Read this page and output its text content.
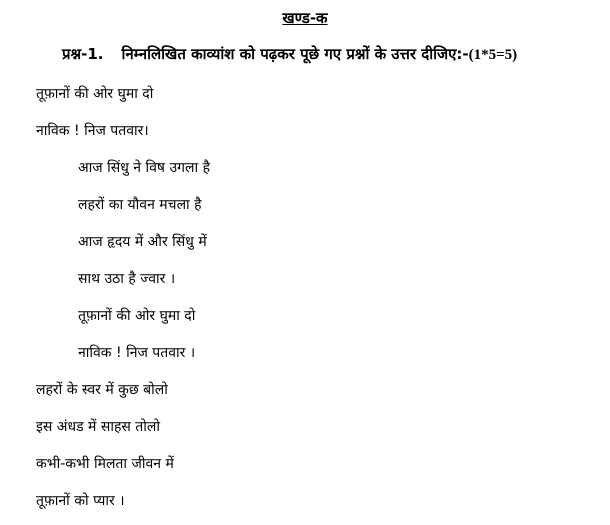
खण्ड-क
प्रश्न-1. निम्नलिखित काव्यांश को पढ़कर पूछे गए प्रश्नों के उत्तर दीजिए:-(1*5=5)
तूफ़ानों की ओर घुमा दो
नाविक ! निज पतवार।
आज सिंधु ने विष उगला है
लहरों का यौवन मचला है
आज हृदय में और सिंधु में
साथ उठा है ज्वार ।
तूफ़ानों की ओर घुमा दो
नाविक ! निज पतवार ।
लहरों के स्वर में कुछ बोलो
इस अंधड में साहस तोलो
कभी-कभी मिलता जीवन में
तूफ़ानों को प्यार ।
